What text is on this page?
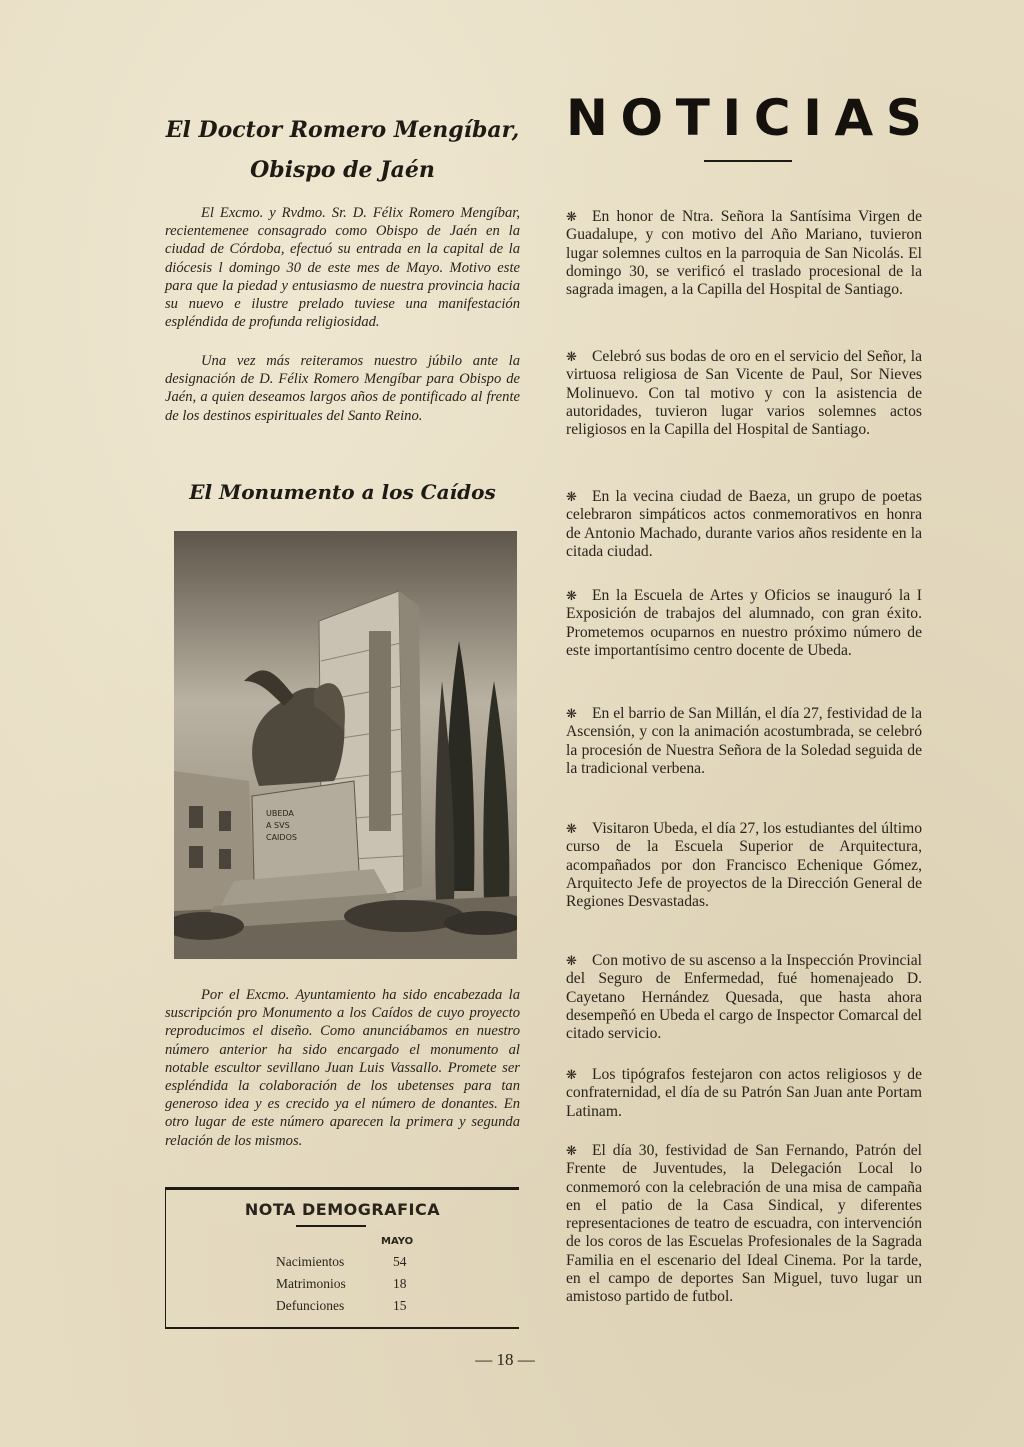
El Doctor Romero Mengíbar,

Obispo de Jaén

El Excmo. y Rvdmo. Sr. D. Félix Romero Mengíbar, recientemenee consagrado como Obispo de Jaén en la ciudad de Córdoba, efectuó su entrada en la capital de la diócesis l domingo 30 de este mes de Mayo. Motivo este para que la piedad y entusiasmo de nuestra provincia hacia su nuevo e ilustre prelado tuviese una manifestación espléndida de profunda religiosidad.

Una vez más reiteramos nuestro júbilo ante la designación de D. Félix Romero Mengíbar para Obispo de Jaén, a quien deseamos largos años de pontificado al frente de los destinos espirituales del Santo Reino.

El Monumento a los Caídos

UBEDA
A SVS
CAIDOS

Por el Excmo. Ayuntamiento ha sido encabezada la suscripción pro Monumento a los Caídos de cuyo proyecto reproducimos el diseño. Como anunciábamos en nuestro número anterior ha sido encargado el monumento al notable escultor sevillano Juan Luis Vassallo. Promete ser espléndida la colaboración de los ubetenses para tan generoso idea y es crecido ya el número de donantes. En otro lugar de este número aparecen la primera y segunda relación de los mismos.

NOTA DEMOGRAFICA
MAYO
Nacimientos	54
Matrimonios	18
Defunciones	15
N O T I C I A S

❋ En honor de Ntra. Señora la Santísima Virgen de Guadalupe, y con motivo del Año Mariano, tuvieron lugar solemnes cultos en la parroquia de San Nicolás. El domingo 30, se verificó el traslado procesional de la sagrada imagen, a la Capilla del Hospital de Santiago.

❋ Celebró sus bodas de oro en el servicio del Señor, la virtuosa religiosa de San Vicente de Paul, Sor Nieves Molinuevo. Con tal motivo y con la asistencia de autoridades, tuvieron lugar varios solemnes actos religiosos en la Capilla del Hospital de Santiago.

❋ En la vecina ciudad de Baeza, un grupo de poetas celebraron simpáticos actos conmemorativos en honra de Antonio Machado, durante varios años residente en la citada ciudad.

❋ En la Escuela de Artes y Oficios se inauguró la I Exposición de trabajos del alumnado, con gran éxito. Prometemos ocuparnos en nuestro próximo número de este importantísimo centro docente de Ubeda.

❋ En el barrio de San Millán, el día 27, festividad de la Ascensión, y con la animación acostumbrada, se celebró la procesión de Nuestra Señora de la Soledad seguida de la tradicional verbena.

❋ Visitaron Ubeda, el día 27, los estudiantes del último curso de la Escuela Superior de Arquitectura, acompañados por don Francisco Echenique Gómez, Arquitecto Jefe de proyectos de la Dirección General de Regiones Desvastadas.

❋ Con motivo de su ascenso a la Inspección Provincial del Seguro de Enfermedad, fué homenajeado D. Cayetano Hernández Quesada, que hasta ahora desempeñó en Ubeda el cargo de Inspector Comarcal del citado servicio.

❋ Los tipógrafos festejaron con actos religiosos y de confraternidad, el día de su Patrón San Juan ante Portam Latinam.

❋ El día 30, festividad de San Fernando, Patrón del Frente de Juventudes, la Delegación Local lo conmemoró con la celebración de una misa de campaña en el patio de la Casa Sindical, y diferentes representaciones de teatro de escuadra, con intervención de los coros de las Escuelas Profesionales de la Sagrada Familia en el escenario del Ideal Cinema. Por la tarde, en el campo de deportes San Miguel, tuvo lugar un amistoso partido de futbol.

— 18 —
